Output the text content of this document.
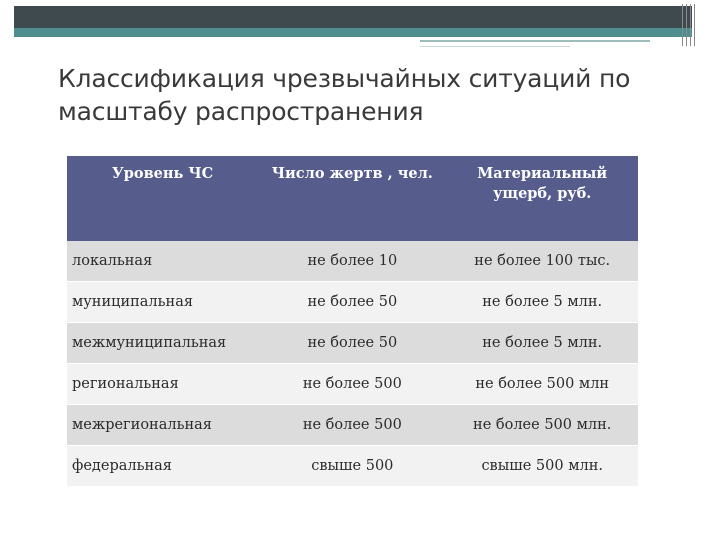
Классификация чрезвычайных ситуаций по масштабу распространения
Уровень ЧС	Число жертв , чел.	Материальный ущерб, руб.
локальная	не более 10	не более 100 тыс.
муниципальная	не более 50	не более 5 млн.
межмуниципальная	не более 50	не более 5 млн.
региональная	не более 500	не более 500 млн
межрегиональная	не более 500	не более 500 млн.
федеральная	свыше 500	свыше 500 млн.
